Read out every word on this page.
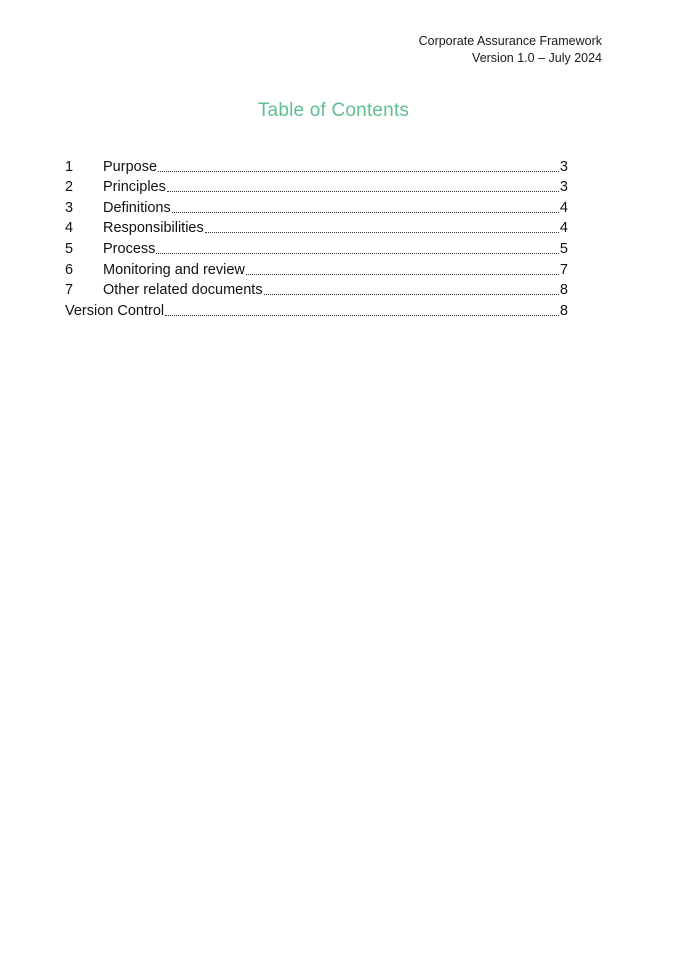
Corporate Assurance Framework
Version 1.0 – July 2024
Table of Contents
1	Purpose	3
2	Principles	3
3	Definitions	4
4	Responsibilities	4
5	Process	5
6	Monitoring and review	7
7	Other related documents	8
Version Control	8
